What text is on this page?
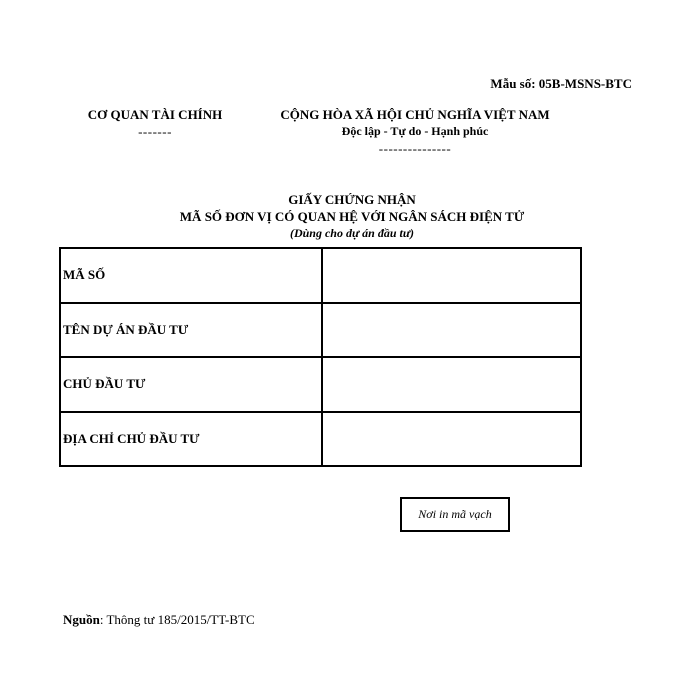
Mẫu số: 05B-MSNS-BTC
CƠ QUAN TÀI CHÍNH
-------
CỘNG HÒA XÃ HỘI CHỦ NGHĨA VIỆT NAM
Độc lập - Tự do - Hạnh phúc
---------------
GIẤY CHỨNG NHẬN
MÃ SỐ ĐƠN VỊ CÓ QUAN HỆ VỚI NGÂN SÁCH ĐIỆN TỬ
(Dùng cho dự án đầu tư)
MÃ SỐ	
TÊN DỰ ÁN ĐẦU TƯ	
CHỦ ĐẦU TƯ	
ĐỊA CHỈ CHỦ ĐẦU TƯ	
Nơi in mã vạch
Nguồn: Thông tư 185/2015/TT-BTC
